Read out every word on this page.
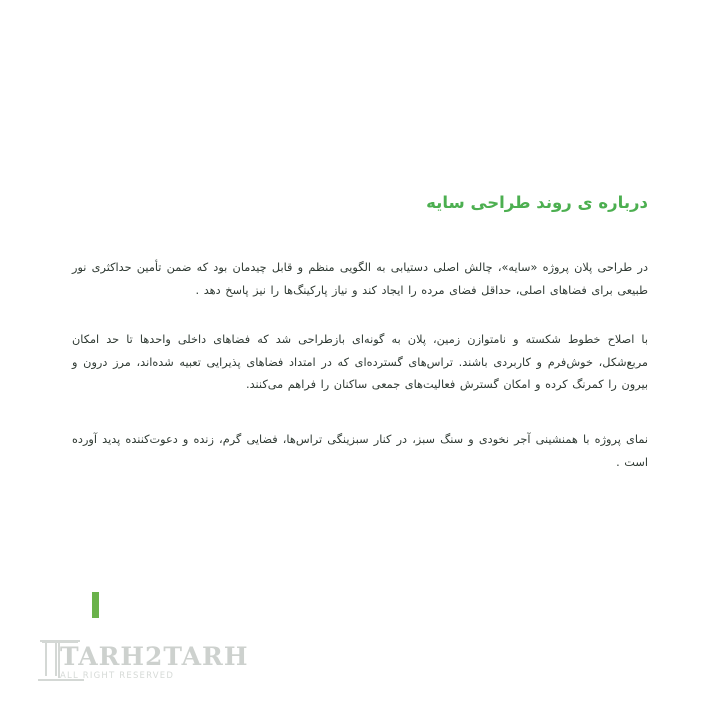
درباره ی روند طراحی سایه

در طراحی پلان پروژه «سایه»، چالش اصلی دستیابی به الگویی منظم و قابل چیدمان بود که ضمن تأمین حداکثری نور طبیعی برای فضاهای اصلی، حداقل فضای مرده را ایجاد کند و نیاز پارکینگ‌ها را نیز پاسخ دهد .

با اصلاح خطوط شکسته و نامتوازن زمین، پلان به گونه‌ای بازطراحی شد که فضاهای داخلی واحدها تا حد امکان مربع‌شکل، خوش‌فرم و کاربردی باشند. تراس‌های گسترده‌ای که در امتداد فضاهای پذیرایی تعبیه شده‌اند، مرز درون و بیرون را کمرنگ کرده و امکان گسترش فعالیت‌های جمعی ساکنان را فراهم می‌کنند.

نمای پروژه با همنشینی آجر نخودی و سنگ سبز، در کنار سبزینگی تراس‌ها، فضایی گرم، زنده و دعوت‌کننده پدید آورده است .

TARH2TARH
ALL RIGHT RESERVED
